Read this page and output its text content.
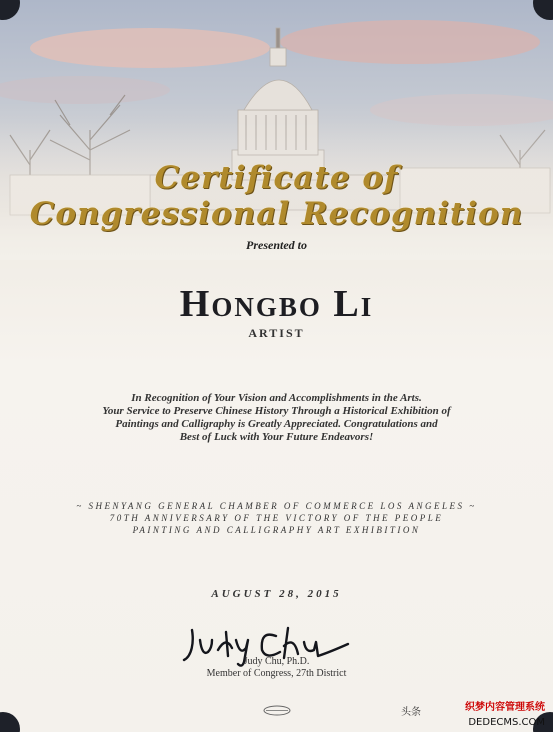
Certificate of
Congressional Recognition
Presented to
Hongbo Li
ARTIST
In Recognition of Your Vision and Accomplishments in the Arts.
Your Service to Preserve Chinese History Through a Historical Exhibition of
Paintings and Calligraphy is Greatly Appreciated. Congratulations and
Best of Luck with Your Future Endeavors!
~ SHENYANG GENERAL CHAMBER OF COMMERCE LOS ANGELES ~
70TH ANNIVERSARY OF THE VICTORY OF THE PEOPLE
PAINTING AND CALLIGRAPHY ART EXHIBITION
AUGUST 28, 2015
Judy Chu, Ph.D.
Member of Congress, 27th District
头条	织梦内容管理系统
DEDECMS.COM
